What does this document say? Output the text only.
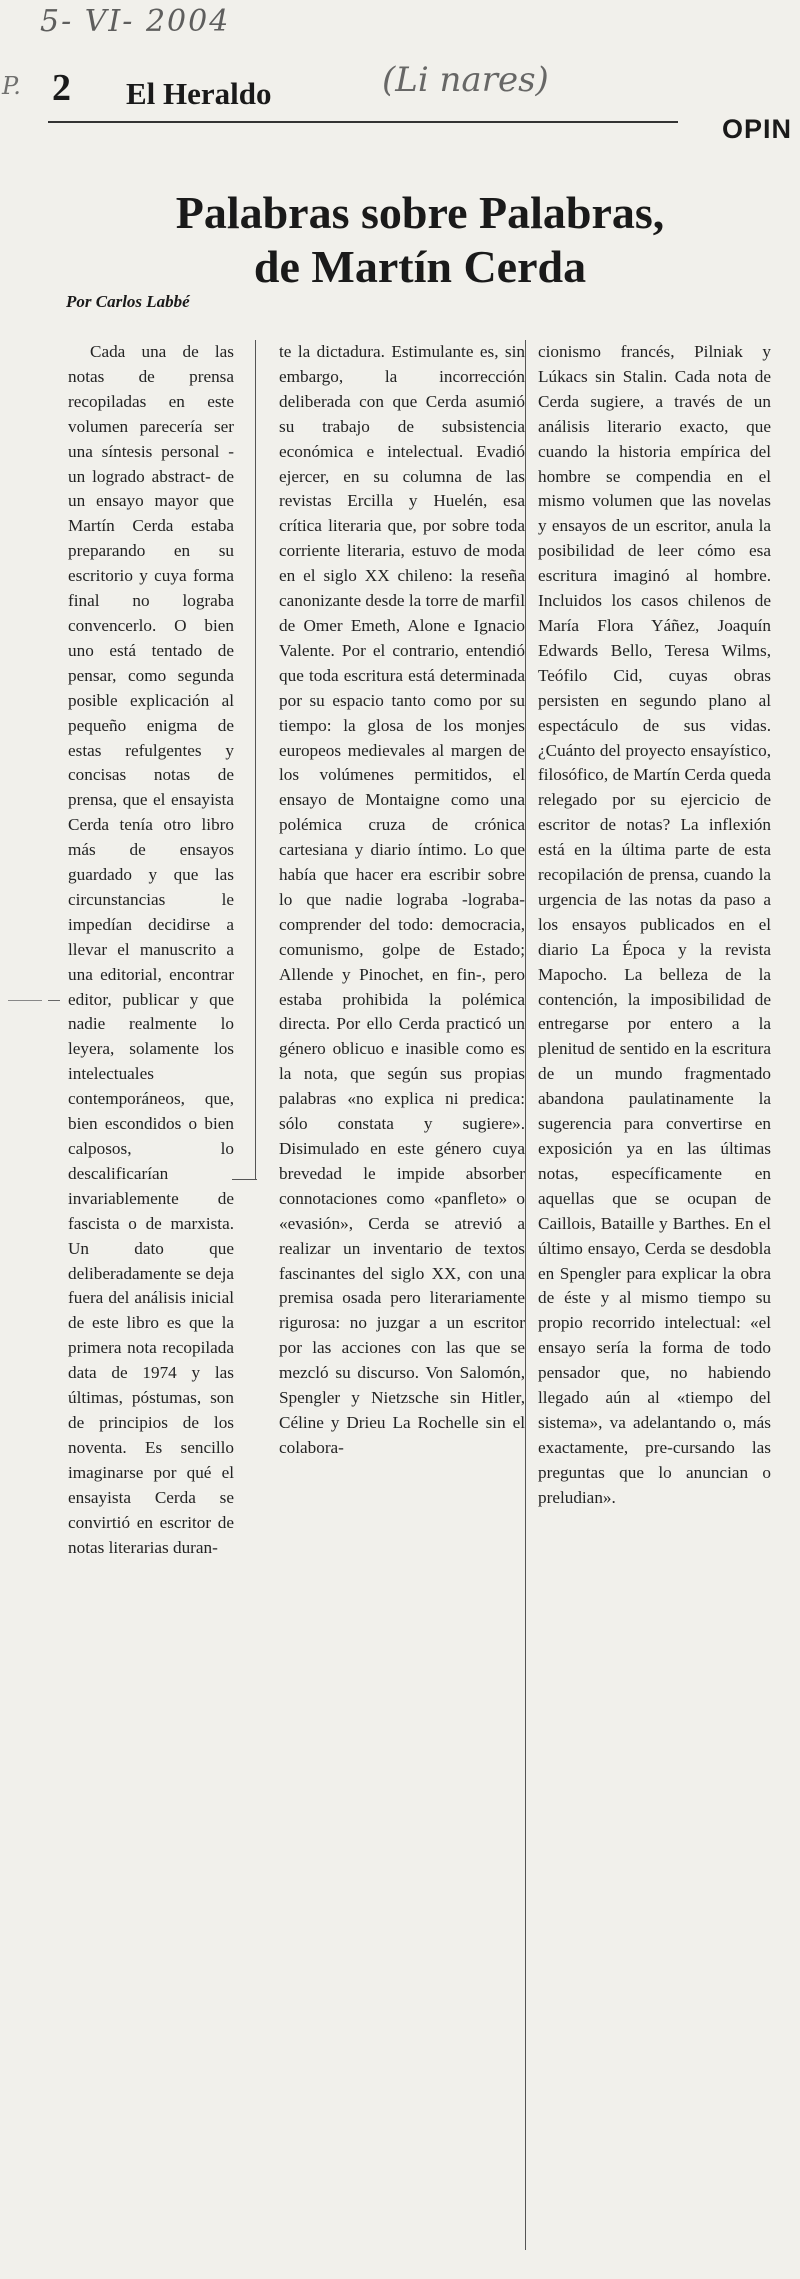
5- VI- 2004
P.	(Li nares)
2 El Heraldo
OPIN
Palabras sobre Palabras,
de Martín Cerda
Por Carlos Labbé

Cada una de las notas de prensa recopiladas en este volumen parecería ser una síntesis personal -un logrado abstract- de un ensayo mayor que Martín Cerda estaba preparando en su escritorio y cuya forma final no lograba convencerlo. O bien uno está tentado de pensar, como segunda posible explicación al pequeño enigma de estas refulgentes y concisas notas de prensa, que el ensayista Cerda tenía otro libro más de ensayos guardado y que las circunstancias le impedían decidirse a llevar el manuscrito a una editorial, encontrar editor, publicar y que nadie realmente lo leyera, solamente los intelectuales contemporáneos, que, bien escondidos o bien calposos, lo descalificarían invariablemente de fascista o de marxista. Un dato que deliberadamente se deja fuera del análisis inicial de este libro es que la primera nota recopilada data de 1974 y las últimas, póstumas, son de principios de los noventa. Es sencillo imaginarse por qué el ensayista Cerda se convirtió en escritor de notas literarias duran-

te la dictadura. Estimulante es, sin embargo, la incorrección deliberada con que Cerda asumió su trabajo de subsistencia económica e intelectual. Evadió ejercer, en su columna de las revistas Ercilla y Huelén, esa crítica literaria que, por sobre toda corriente literaria, estuvo de moda en el siglo XX chileno: la reseña canonizante desde la torre de marfil de Omer Emeth, Alone e Ignacio Valente. Por el contrario, entendió que toda escritura está determinada por su espacio tanto como por su tiempo: la glosa de los monjes europeos medievales al margen de los volúmenes permitidos, el ensayo de Montaigne como una polémica cruza de crónica cartesiana y diario íntimo. Lo que había que hacer era escribir sobre lo que nadie lograba -lograba- comprender del todo: democracia, comunismo, golpe de Estado; Allende y Pinochet, en fin-, pero estaba prohibida la polémica directa. Por ello Cerda practicó un género oblicuo e inasible como es la nota, que según sus propias palabras «no explica ni predica: sólo constata y sugiere». Disimulado en este género cuya brevedad le impide absorber connotaciones como «panfleto» o «evasión», Cerda se atrevió a realizar un inventario de textos fascinantes del siglo XX, con una premisa osada pero literariamente rigurosa: no juzgar a un escritor por las acciones con las que se mezcló su discurso. Von Salomón, Spengler y Nietzsche sin Hitler, Céline y Drieu La Rochelle sin el colabora-

cionismo francés, Pilniak y Lúkacs sin Stalin. Cada nota de Cerda sugiere, a través de un análisis literario exacto, que cuando la historia empírica del hombre se compendia en el mismo volumen que las novelas y ensayos de un escritor, anula la posibilidad de leer cómo esa escritura imaginó al hombre. Incluidos los casos chilenos de María Flora Yáñez, Joaquín Edwards Bello, Teresa Wilms, Teófilo Cid, cuyas obras persisten en segundo plano al espectáculo de sus vidas. ¿Cuánto del proyecto ensayístico, filosófico, de Martín Cerda queda relegado por su ejercicio de escritor de notas? La inflexión está en la última parte de esta recopilación de prensa, cuando la urgencia de las notas da paso a los ensayos publicados en el diario La Época y la revista Mapocho. La belleza de la contención, la imposibilidad de entregarse por entero a la plenitud de sentido en la escritura de un mundo fragmentado abandona paulatinamente la sugerencia para convertirse en exposición ya en las últimas notas, específicamente en aquellas que se ocupan de Caillois, Bataille y Barthes. En el último ensayo, Cerda se desdobla en Spengler para explicar la obra de éste y al mismo tiempo su propio recorrido intelectual: «el ensayo sería la forma de todo pensador que, no habiendo llegado aún al «tiempo del sistema», va adelantando o, más exactamente, pre-cursando las preguntas que lo anuncian o preludian».
